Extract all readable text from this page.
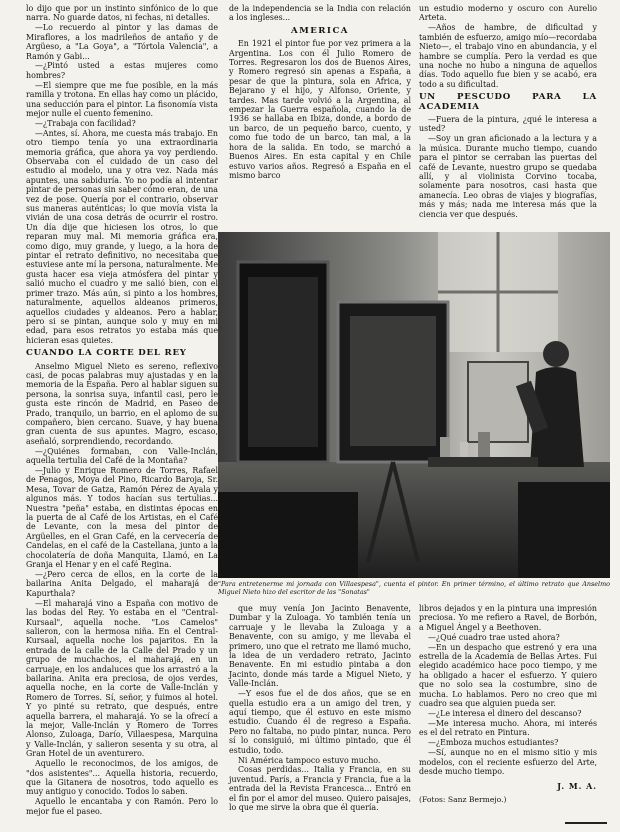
lo dijo que por un instinto sinfónico de lo que narra. No guarde datos, ni fechas, ni detalles.

—Lo recuerdo al pintor y las damas de Miraflores, a los madrileños de antaño y de Argüeso, a "La Goya", a "Tórtola Valencia", a Ramón y Gabi...

—¿Pintó usted a estas mujeres como hombres?

—El siempre que me fue posible, en la más ramilla y trotona. En ellas hay como un plácido, una seducción para el pintor. La fisonomía vista mejor nulle el cuento femenino.

—¿Trabaja con facilidad?

—Antes, sí. Ahora, me cuesta más trabajo. En otro tiempo tenía yo una extraordinaria memoria gráfica, que ahora ya voy perdiendo. Observaba con el cuidado de un caso del estudio al modelo, una y otra vez. Nada más apuntes, una sabiduría. Yo no podía al intentar pintar de personas sin saber cómo eran, de una vez de pose. Quería por el contrario, observar sus maneras auténticas; lo que movía vista la vivián de una cosa detrás de ocurrir el rostro. Un día dije que hiciesen los otros, lo que reparan muy mal. Mi memoria gráfica era, como digo, muy grande, y luego, a la hora de pintar el retrato definitivo, no necesitaba que estuviese ante mí la persona, naturalmente. Me gusta hacer esa vieja atmósfera del pintar y salió mucho el cuadro y me salió bien, con el primer trazo. Más aún, si pinto a los hombres, naturalmente, aquellos aldeanos primeros, aquellos ciudades y aldeanos. Pero a hablar, pero si se pintan, aunque solo y muy en mi edad, para esos retratos yo estaba más que hicieran esas quietes.

CUANDO LA CORTE DEL REY

Anselmo Miguel Nieto es sereno, reflexivo casi, de pocas palabras muy ajustadas y en la memoria de la España. Pero al hablar siguen su persona, la sonrisa suya, infantil casi, pero le gusta este rincón de Madrid, en Paseo de Prado, tranquilo, un barrio, en el aplomo de su compañero, bien cercano. Suave, y hay buena gran cuenta de sus apuntes. Magro, escaso, aseñaló, sorprendiendo, recordando.

—¿Quiénes formaban, con Valle-Inclán, aquella tertulia del Café de la Montaña?

—Julio y Enrique Romero de Torres, Rafael de Penagos, Moya del Pino, Ricardo Baroja, Sr. Mesa, Tovar de Gatza, Ramón Pérez de Ayala y algunos más. Y todos hacían sus tertulias... Nuestra "peña" estaba, en distintas épocas en la puerta de al Café de los Artistas, en el Café de Levante, con la mesa del pintor de Argüelles, en el Gran Café, en la cervecería de Candelas, en el café de la Castellana, junto a la chocolatería de doña Manquita, Llamó, en La Granja el Henar y en el café Regina.

—¿Pero cerca de ellos, en la corte de la bailarina Anita Delgado, el maharajá de Kapurthala?

—El maharajá vino a España con motivo de las bodas del Rey. Yo estaba en el "Central-Kursaal", aquella noche. "Los Camelos" salieron, con la hermosa niña. En el Central-Kursaal, aquella noche los pajaritos. En la entrada de la calle de la Calle del Prado y un grupo de muchachos, el maharajá, en un carruaje, en los andaluces que los arrastró a la bailarina. Anita era preciosa, de ojos verdes, aquella noche, en la corte de Valle-Inclán y Romero de Torres. Sí, señor, y fuimos al hotel. Y yo pinté su retrato, que después, entre aquella barrera, el maharajá. Yo se la ofrecí a la mejor, Valle-Inclán y Romero de Torres Alonso, Zuloaga, Darío, Villaespesa, Marquina y Valle-Inclán, y salieron sesenta y su otra, al Gran Hotel de un aventurero.

Aquello le reconocimos, de los amigos, de "dos asistentes"... Aquella historia, recuerdo, que la Gitanera de nosotros, todo aquello es muy antiguo y conocido. Todos lo saben.

Aquello le encantaba y con Ramón. Pero lo mejor fue el paseo.

de la independencia se la India con relación a los ingleses...

AMERICA

En 1921 el pintor fue por vez primera a la Argentina. Los con él Julio Romero de Torres. Regresaron los dos de Buenos Aires, y Romero regresó sin apenas a España, a pesar de que la pintura, sola en Africa, y Bejarano y el hijo, y Alfonso, Oriente, y tardes. Mas tarde volvió a la Argentina, al empezar la Guerra española, cuando la de 1936 se hallaba en Ibiza, donde, a bordo de un barco, de un pequeño barco, cuento, y como fue todo de un barco, tan mal, a la hora de la salida. En todo, se marchó a Buenos Aires. En esta capital y en Chile estuvo varios años. Regresó a España en el mismo barco

un estudio moderno y oscuro con Aurelio Arteta.

—Años de hambre, de dificultad y también de esfuerzo, amigo mío—recordaba Nieto—, el trabajo vino en abundancia, y el hambre se cumplía. Pero la verdad es que una noche no hubo a ninguna de aquellos días. Todo aquello fue bien y se acabó, era todo a su dificultad.

UN PESCUDO PARA LA ACADEMIA

—Fuera de la pintura, ¿qué le interesa a usted?

—Soy un gran aficionado a la lectura y a la música. Durante mucho tiempo, cuando para el pintor se cerraban las puertas del café de Levante, nuestro grupo se quedaba allí, y al violinista Corvino tocaba, solamente para nosotros, casi hasta que amanecía. Leo obras de viajes y biografías, más y más; nada me interesa más que la ciencia ver que después.

"Para entretenerme mi jornada con Villaespesa", cuenta el pintor. En primer término, el último retrato que Anselmo Miguel Nieto hizo del escritor de las "Sonatas"

que muy venía Jon Jacinto Benavente, Dumbar y la Zuloaga. Yo también tenía un carruaje y le llevaba la Zuloaga y a Benavente, con su amigo, y me llevaba el primero, uno que el retrato me llamó mucho, la idea de un verdadero retrato, Jacinto Benavente. En mi estudio pintaba a don Jacinto, donde más tarde a Miguel Nieto, y Valle-Inclán.

—Y esos fue el de dos años, que se en quella estudio era a un amigo del tren, y aquí tiempo, que él estuvo en este mismo estudio. Cuando él de regreso a España. Pero no faltaba, no pudo pintar, nunca. Pero sí lo consiguió, mi último pintado, que él estudio, todo.

Ni América tampoco estuvo mucho.

Cosas perdidas... Italia y Francia, en su juventud. París, a Francia y Francia, fue a la entrada del la Revista Francesca... Entró en el fin por el amor del museo. Quiero paisajes, lo que me sirve la obra que él quería.

libros dejados y en la pintura una impresión preciosa. Yo me refiero a Ravel, de Borbón, a Miguel Ángel y a Beethoven.

—¿Qué cuadro trae usted ahora?

—En un despacho que estrenó y era una estrella de la Academia de Bellas Artes. Fui elegido académico hace poco tiempo, y me ha obligado a hacer el esfuerzo. Y quiero que no solo sea la costumbre, sino de mucha. Lo hablamos. Pero no creo que mi cuadro sea que alguien pueda ser.

—¿Le interesa el dinero del descanso?

—Me interesa mucho. Ahora, mi interés es el del retrato en Pintura.

—¿Emboza muchos estudiantes?

—Sí, aunque no en el mismo sitio y mis modelos, con el reciente esfuerzo del Arte, desde mucho tiempo.

J. M. A.
(Fotos: Sanz Bermejo.)
